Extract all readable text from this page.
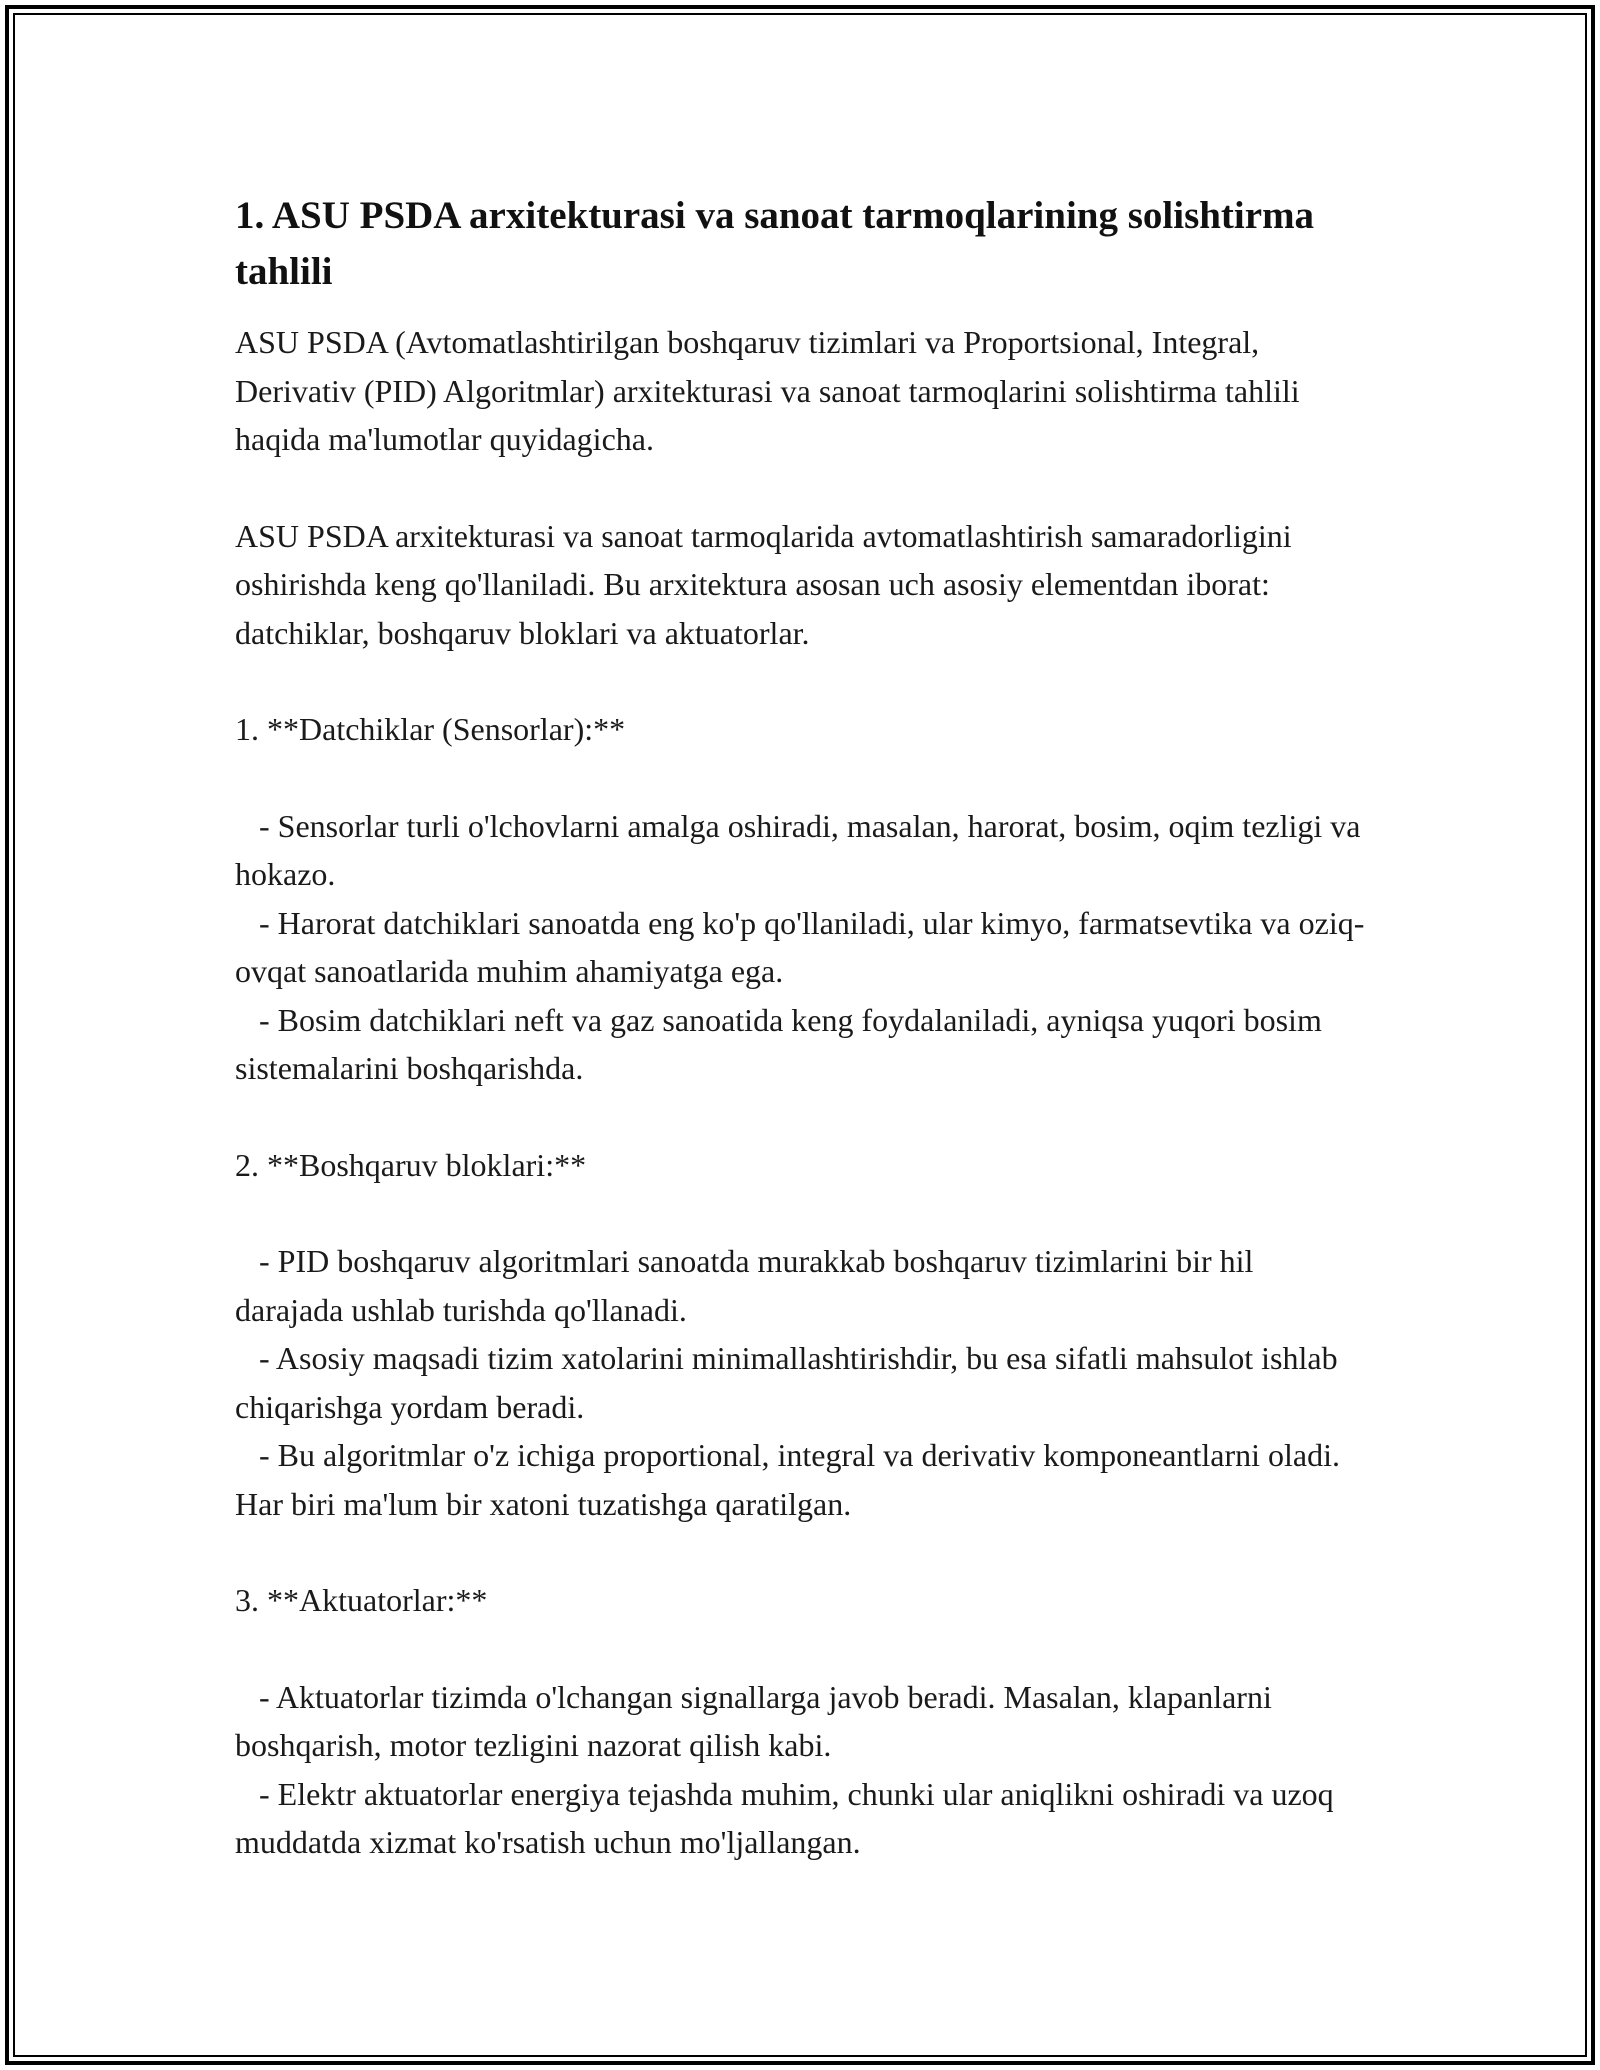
1. ASU PSDA arxitekturasi va sanoat tarmoqlarining solishtirma tahlili

ASU PSDA (Avtomatlashtirilgan boshqaruv tizimlari va Proportsional, Integral, Derivativ (PID) Algoritmlar) arxitekturasi va sanoat tarmoqlarini solishtirma tahlili haqida ma'lumotlar quyidagicha.

ASU PSDA arxitekturasi va sanoat tarmoqlarida avtomatlashtirish samaradorligini oshirishda keng qo'llaniladi. Bu arxitektura asosan uch asosiy elementdan iborat: datchiklar, boshqaruv bloklari va aktuatorlar.

1. **Datchiklar (Sensorlar):**

- Sensorlar turli o'lchovlarni amalga oshiradi, masalan, harorat, bosim, oqim tezligi va hokazo.
- Harorat datchiklari sanoatda eng ko'p qo'llaniladi, ular kimyo, farmatsevtika va oziq-ovqat sanoatlarida muhim ahamiyatga ega.
- Bosim datchiklari neft va gaz sanoatida keng foydalaniladi, ayniqsa yuqori bosim sistemalarini boshqarishda.

2. **Boshqaruv bloklari:**

- PID boshqaruv algoritmlari sanoatda murakkab boshqaruv tizimlarini bir hil darajada ushlab turishda qo'llanadi.
- Asosiy maqsadi tizim xatolarini minimallashtirishdir, bu esa sifatli mahsulot ishlab chiqarishga yordam beradi.
- Bu algoritmlar o'z ichiga proportional, integral va derivativ komponeantlarni oladi. Har biri ma'lum bir xatoni tuzatishga qaratilgan.

3. **Aktuatorlar:**

- Aktuatorlar tizimda o'lchangan signallarga javob beradi. Masalan, klapanlarni boshqarish, motor tezligini nazorat qilish kabi.
- Elektr aktuatorlar energiya tejashda muhim, chunki ular aniqlikni oshiradi va uzoq muddatda xizmat ko'rsatish uchun mo'ljallangan.
